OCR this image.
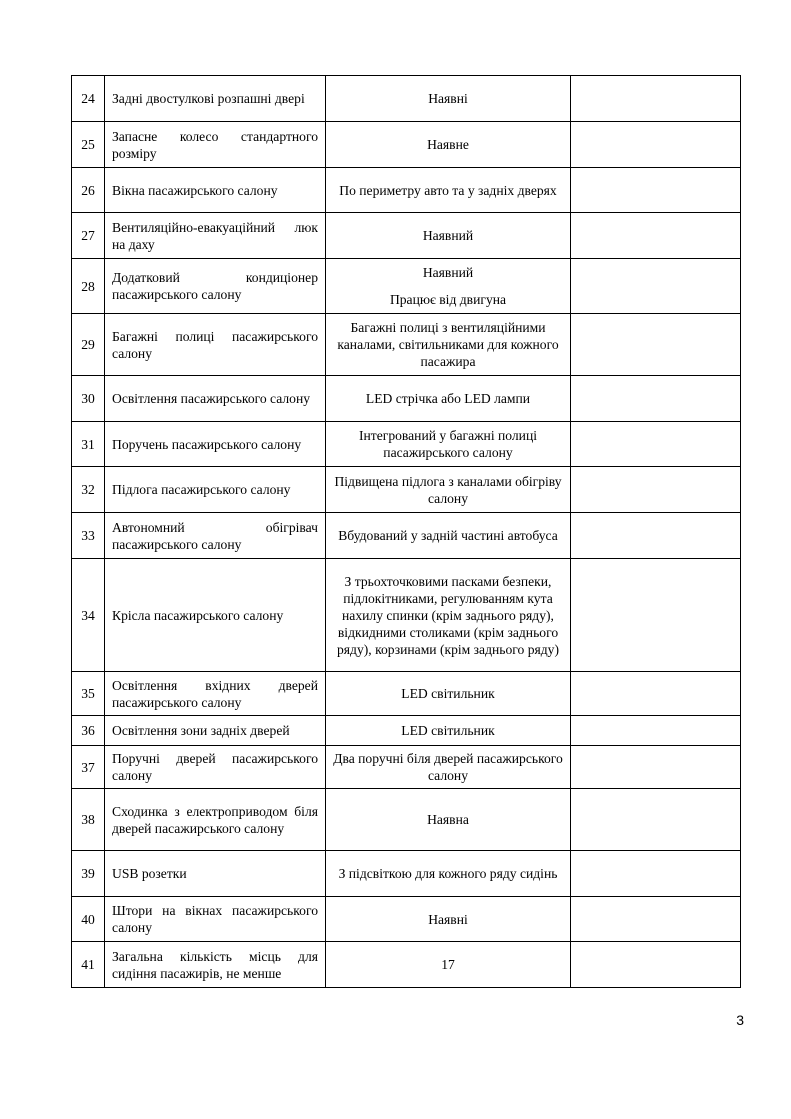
24	Задні двостулкові розпашні двері	Наявні	

25	Запасне колесо стандартного розміру	Наявне	

26	Вікна пасажирського салону	По периметру авто та у задніх дверях	

27	Вентиляційно-евакуаційний люк на даху	Наявний	

28	Додатковий кондиціонер пасажирського салону	Наявний
Працює від двигуна	

29	Багажні полиці пасажирського салону	Багажні полиці з вентиляційними каналами, світильниками для кожного пасажира	

30	Освітлення пасажирського салону	LED стрічка або LED лампи	

31	Поручень пасажирського салону	Інтегрований у багажні полиці пасажирського салону	

32	Підлога пасажирського салону	Підвищена підлога з каналами обігріву салону	

33	Автономний обігрівач пасажирського салону	Вбудований у задній частині автобуса	

34	Крісла пасажирського салону	З трьохточковими пасками безпеки, підлокітниками, регулюванням кута нахилу спинки (крім заднього ряду), відкидними столиками (крім заднього ряду), корзинами (крім заднього ряду)	

35	Освітлення вхідних дверей пасажирського салону	LED світильник	

36	Освітлення зони задніх дверей	LED світильник	

37	Поручні дверей пасажирського салону	Два поручні біля дверей пасажирського салону	

38	Сходинка з електроприводом біля дверей пасажирського салону	Наявна	

39	USB розетки	З підсвіткою для кожного ряду сидінь	

40	Штори на вікнах пасажирського салону	Наявні	

41	Загальна кількість місць для сидіння пасажирів, не менше	17	

3
